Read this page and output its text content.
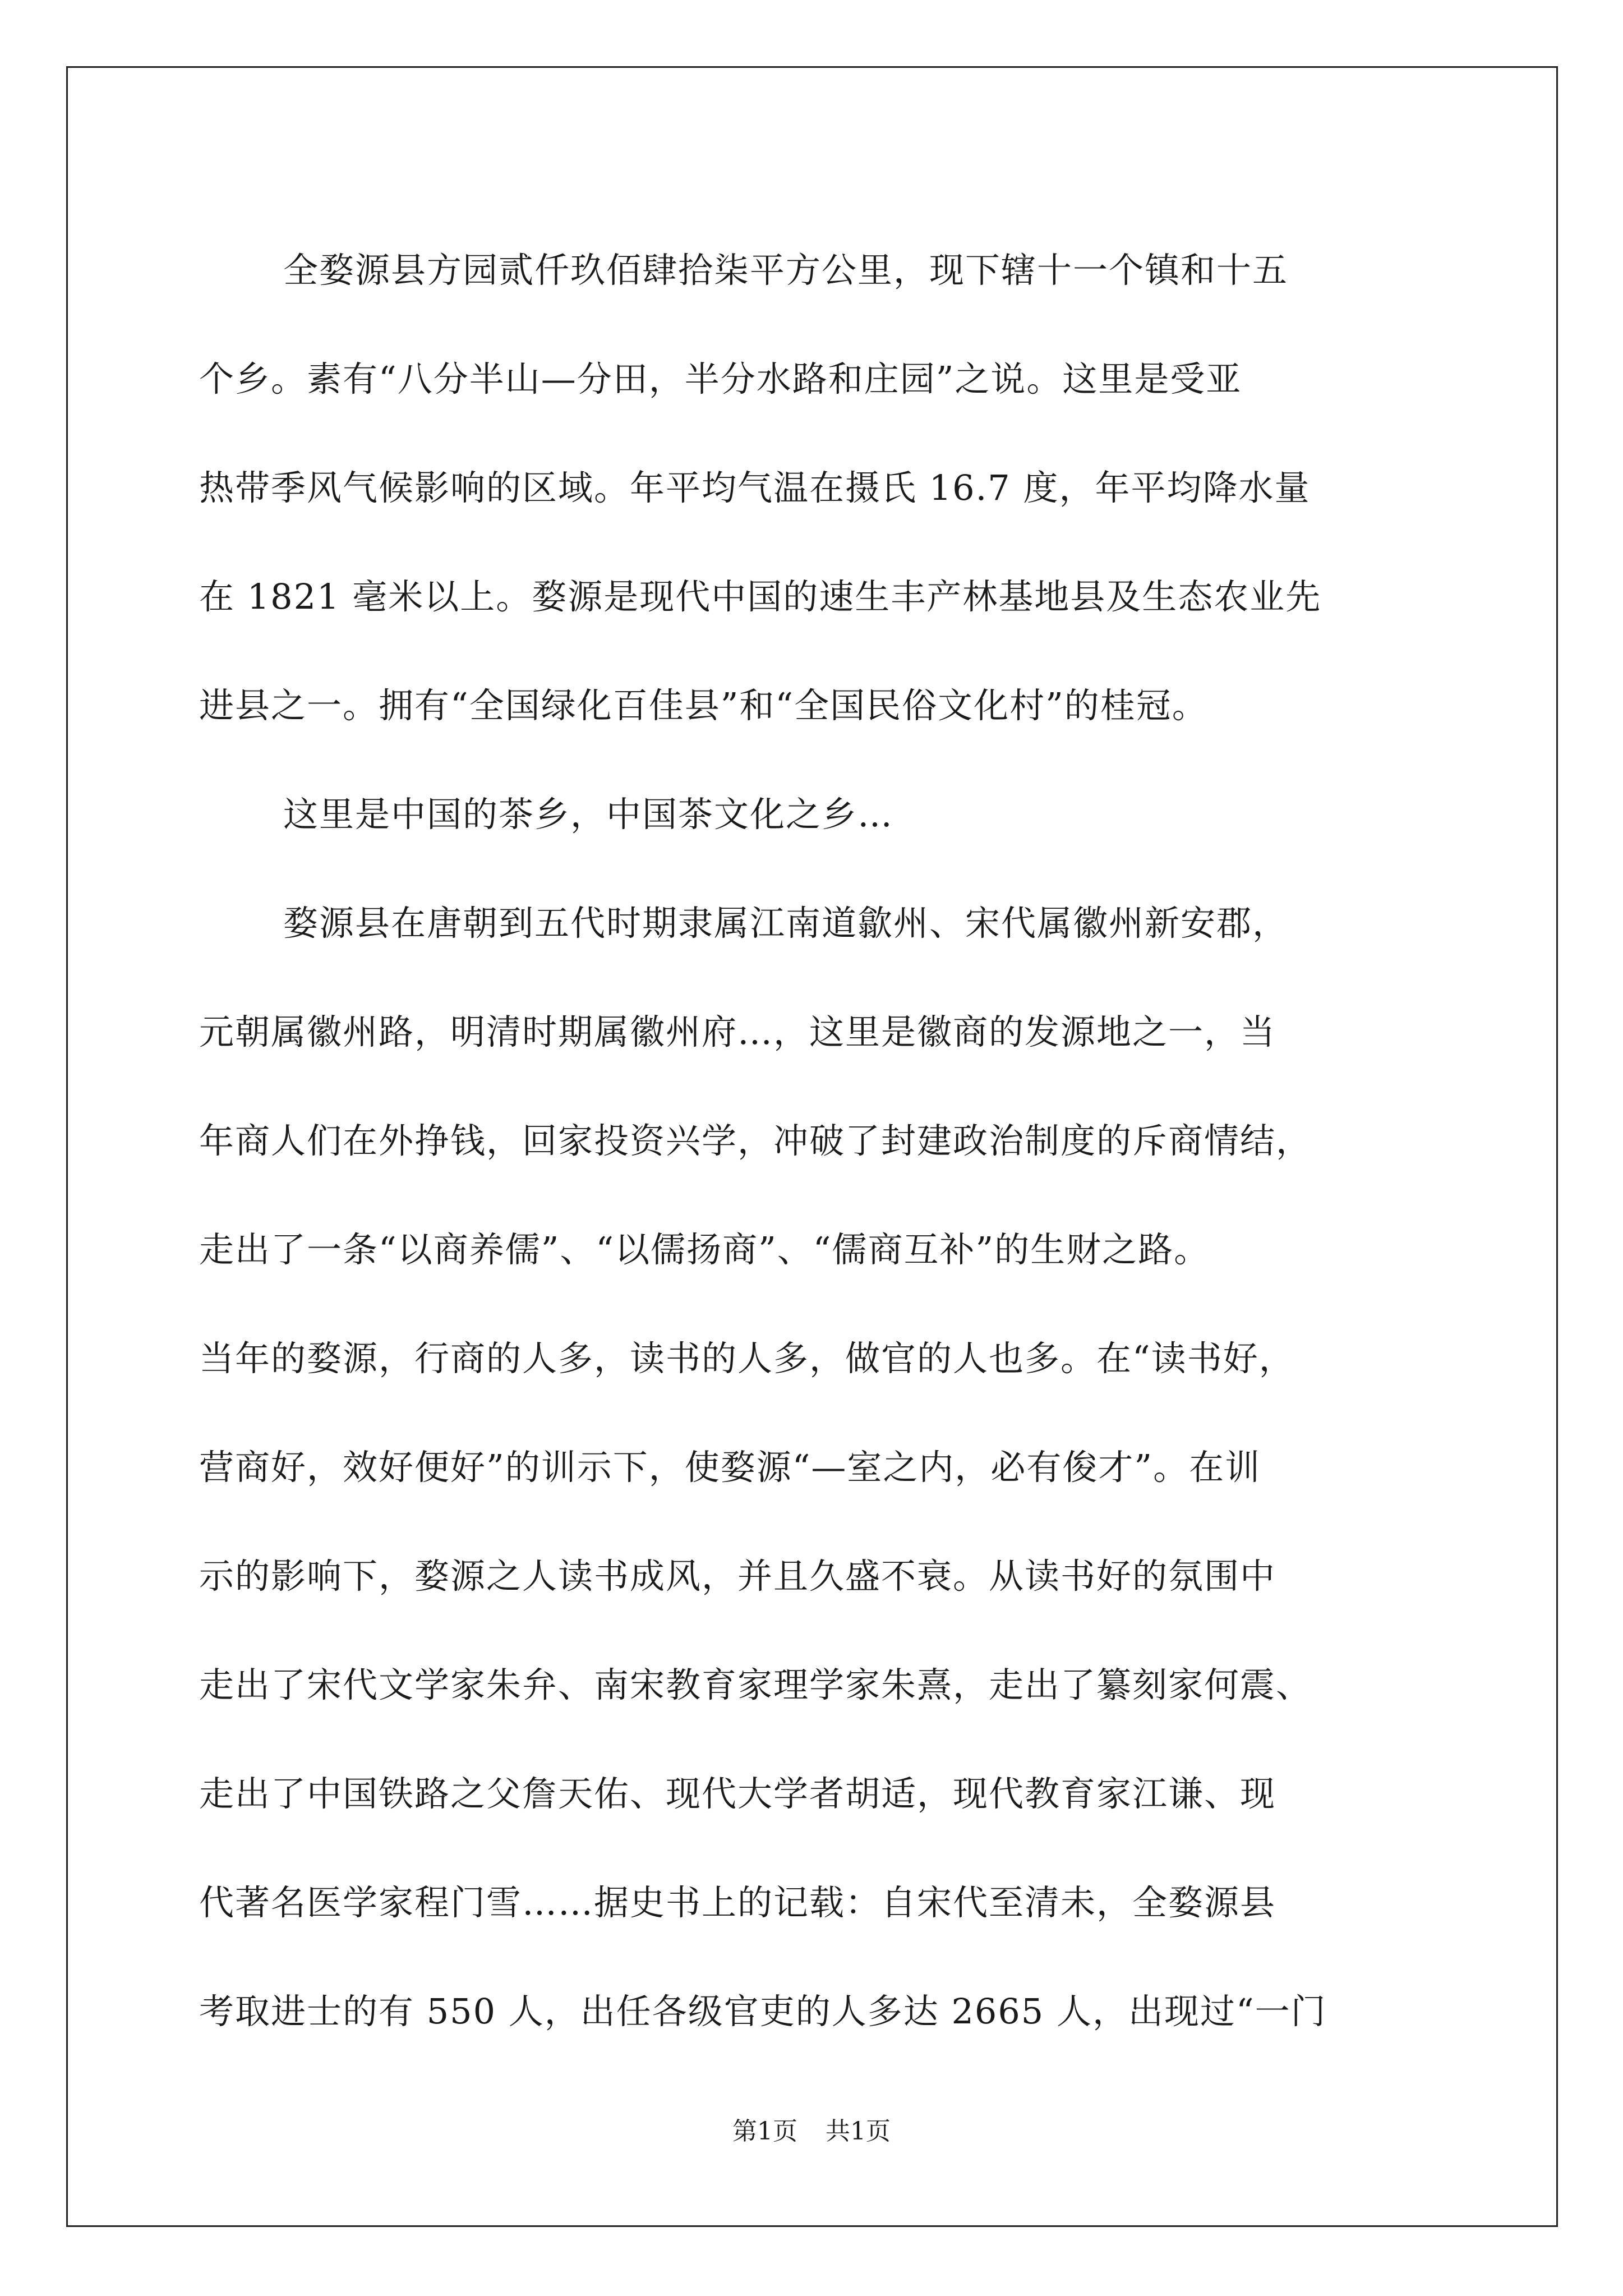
全婺源县方园贰仟玖佰肆拾柒平方公里，现下辖十一个镇和十五
个乡。素有“八分半山—分田，半分水路和庄园”之说。这里是受亚
热带季风气候影响的区域。年平均气温在摄氏 16.7 度，年平均降水量
在 1821 毫米以上。婺源是现代中国的速生丰产林基地县及生态农业先
进县之一。拥有“全国绿化百佳县”和“全国民俗文化村”的桂冠。
这里是中国的茶乡，中国茶文化之乡…
婺源县在唐朝到五代时期隶属江南道歙州、宋代属徽州新安郡，
元朝属徽州路，明清时期属徽州府…，这里是徽商的发源地之一，当
年商人们在外挣钱，回家投资兴学，冲破了封建政治制度的斥商情结，
走出了一条“以商养儒”、“以儒扬商”、“儒商互补”的生财之路。
当年的婺源，行商的人多，读书的人多，做官的人也多。在“读书好，
营商好，效好便好”的训示下，使婺源“—室之内，必有俊才”。在训
示的影响下，婺源之人读书成风，并且久盛不衰。从读书好的氛围中
走出了宋代文学家朱弁、南宋教育家理学家朱熹，走出了纂刻家何震、
走出了中国铁路之父詹天佑、现代大学者胡适，现代教育家江谦、现
代著名医学家程门雪……据史书上的记载：自宋代至清未，全婺源县
考取进士的有 550 人，出任各级官吏的人多达 2665 人，出现过“一门
第1页 共1页
